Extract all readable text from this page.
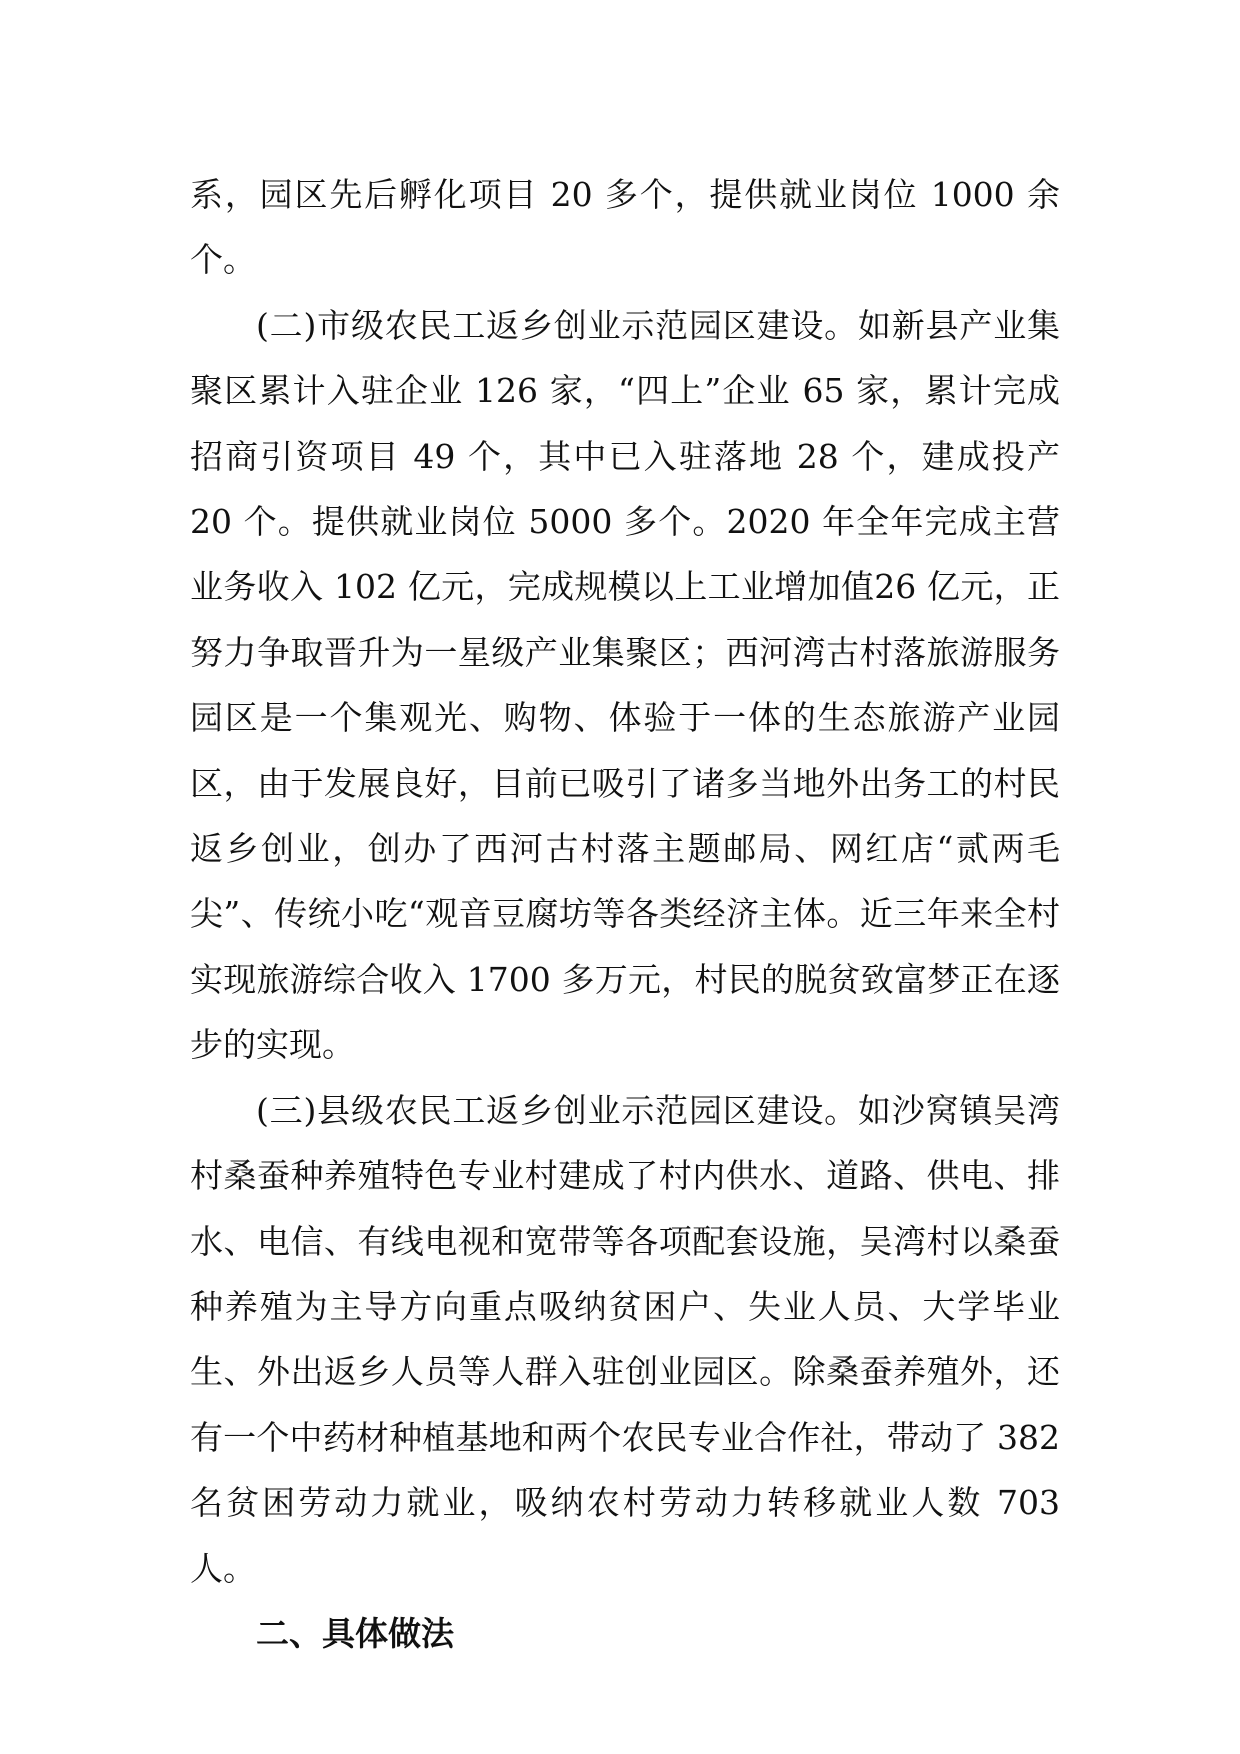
系，园区先后孵化项目 20 多个，提供就业岗位 1000 余个。

(二)市级农民工返乡创业示范园区建设。如新县产业集聚区累计入驻企业 126 家，“四上”企业 65 家，累计完成招商引资项目 49 个，其中已入驻落地 28 个，建成投产 20 个。提供就业岗位 5000 多个。2020 年全年完成主营业务收入 102 亿元，完成规模以上工业增加值26 亿元，正努力争取晋升为一星级产业集聚区；西河湾古村落旅游服务园区是一个集观光、购物、体验于一体的生态旅游产业园区，由于发展良好，目前已吸引了诸多当地外出务工的村民返乡创业，创办了西河古村落主题邮局、网红店“贰两毛尖”、传统小吃“观音豆腐坊等各类经济主体。近三年来全村实现旅游综合收入 1700 多万元，村民的脱贫致富梦正在逐步的实现。

(三)县级农民工返乡创业示范园区建设。如沙窝镇吴湾村桑蚕种养殖特色专业村建成了村内供水、道路、供电、排水、电信、有线电视和宽带等各项配套设施，吴湾村以桑蚕种养殖为主导方向重点吸纳贫困户、失业人员、大学毕业生、外出返乡人员等人群入驻创业园区。除桑蚕养殖外，还有一个中药材种植基地和两个农民专业合作社，带动了 382 名贫困劳动力就业，吸纳农村劳动力转移就业人数 703 人。

二、具体做法
